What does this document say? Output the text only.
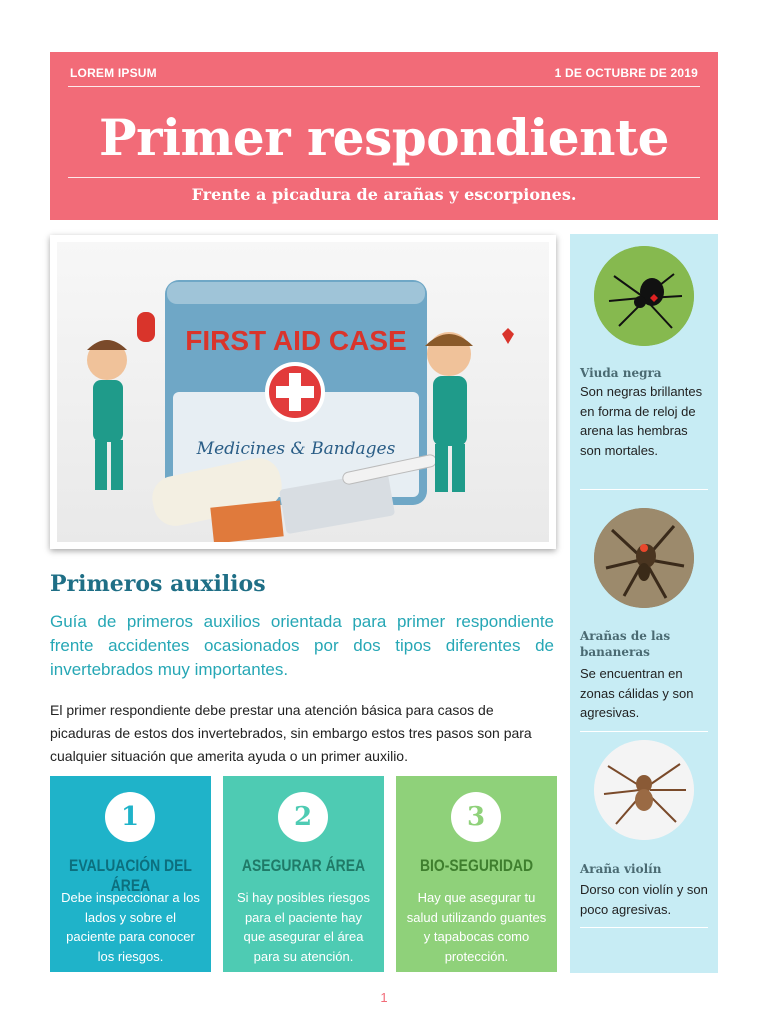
LOREM IPSUM	1 DE OCTUBRE DE 2019
Primer respondiente
Frente a picadura de arañas y escorpiones.
FIRST AID CASE
Medicines & Bandages
Primeros auxilios
Guía de primeros auxilios orientada para primer respondiente frente accidentes ocasionados por dos tipos diferentes de invertebrados muy importantes.
El primer respondiente debe prestar una atención básica para casos de picaduras de estos dos invertebrados, sin embargo estos tres pasos son para cualquier situación que amerita ayuda o un primer auxilio.
1
EVALUACIÓN DEL ÁREA
Debe inspeccionar a los lados y sobre el paciente para conocer los riesgos.
2
ASEGURAR ÁREA
Si hay posibles riesgos para el paciente hay que asegurar el área para su atención.
3
BIO-SEGURIDAD
Hay que asegurar tu salud utilizando guantes y tapabocas como protección.
Viuda negra
Son negras brillantes en forma de reloj de arena las hembras son mortales.
Arañas de las bananeras
Se encuentran en zonas cálidas y son agresivas.
Araña violín
Dorso con violín y son poco agresivas.
1
